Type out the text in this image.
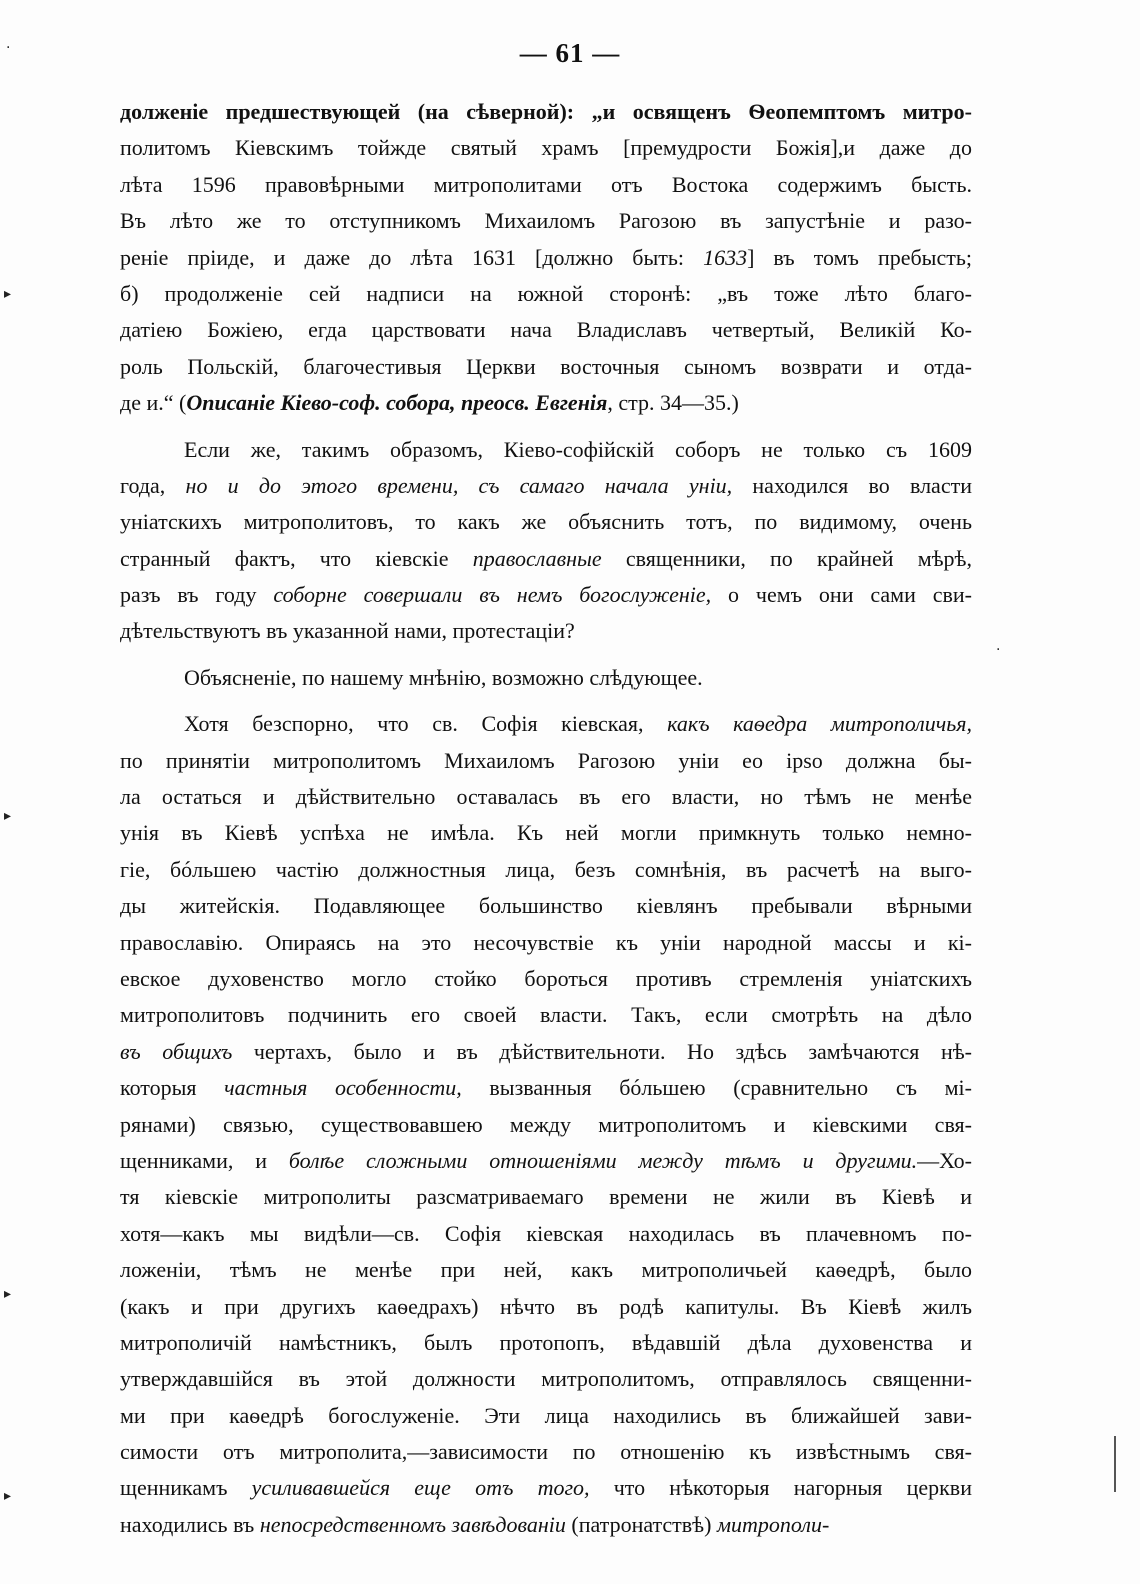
— 61 —
долженіе предшествующей (на сѣверной): „и освященъ Ѳеопемптомъ митро-
политомъ Кіевскимъ тойжде святый храмъ [премудрости Божія],и даже до
лѣта 1596 правовѣрными митрополитами отъ Востока содержимъ бысть.
Въ лѣто же то отступникомъ Михаиломъ Рагозою въ запустѣніе и разо-
реніе пріиде, и даже до лѣта 1631 [должно быть: 1633] въ томъ пребысть;
б) продолженіе сей надписи на южной сторонѣ: „въ тоже лѣто благо-
датіею Божіею, егда царствовати нача Владиславъ четвертый, Великій Ко-
роль Польскій, благочестивыя Церкви восточныя сыномъ возврати и отда-
де и.“ (Описаніе Кіево-соф. собора, преосв. Евгенія, стр. 34—35.)
Если же, такимъ образомъ, Кіево-софійскій соборъ не только съ 1609
года, но и до этого времени, съ самаго начала уніи, находился во власти
уніатскихъ митрополитовъ, то какъ же объяснить тотъ, по видимому, очень
странный фактъ, что кіевскіе православные священники, по крайней мѣрѣ,
разъ въ году соборне совершали въ немъ богослуженіе, о чемъ они сами сви-
дѣтельствуютъ въ указанной нами, протестаціи?
Объясненіе, по нашему мнѣнію, возможно слѣдующее.
Хотя безспорно, что св. Софія кіевская, какъ каѳедра митрополичья,
по принятіи митрополитомъ Михаиломъ Рагозою уніи eo ipso должна бы-
ла остаться и дѣйствительно оставалась въ его власти, но тѣмъ не менѣе
унія въ Кіевѣ успѣха не имѣла. Къ ней могли примкнуть только немно-
гіе, бóльшею частію должностныя лица, безъ сомнѣнія, въ расчетѣ на выго-
ды житейскія. Подавляющее большинство кіевлянъ пребывали вѣрными
православію. Опираясь на это несочувствіе къ уніи народной массы и кі-
евское духовенство могло стойко бороться противъ стремленія уніатскихъ
митрополитовъ подчинить его своей власти. Такъ, если смотрѣть на дѣло
въ общихъ чертахъ, было и въ дѣйствительноти. Но здѣсь замѣчаются нѣ-
которыя частныя особенности, вызванныя бóльшею (сравнительно съ мі-
рянами) связью, существовавшею между митрополитомъ и кіевскими свя-
щенниками, и болѣе сложными отношеніями между тѣмъ и другими.—Хо-
тя кіевскіе митрополиты разсматриваемаго времени не жили въ Кіевѣ и
хотя—какъ мы видѣли—св. Софія кіевская находилась въ плачевномъ по-
ложеніи, тѣмъ не менѣе при ней, какъ митрополичьей каѳедрѣ, было
(какъ и при другихъ каѳедрахъ) нѣчто въ родѣ капитулы. Въ Кіевѣ жилъ
митрополичій намѣстникъ, былъ протопопъ, вѣдавшій дѣла духовенства и
утверждавшійся въ этой должности митрополитомъ, отправлялось священни-
ми при каѳедрѣ богослуженіе. Эти лица находились въ ближайшей зави-
симости отъ митрополита,—зависимости по отношенію къ извѣстнымъ свя-
щенникамъ усиливавшейся еще отъ того, что нѣкоторыя нагорныя церкви
находились въ непосредственномъ завѣдованіи (патронатствѣ) митрополи-
·
▸
▸
▸
▸
·
